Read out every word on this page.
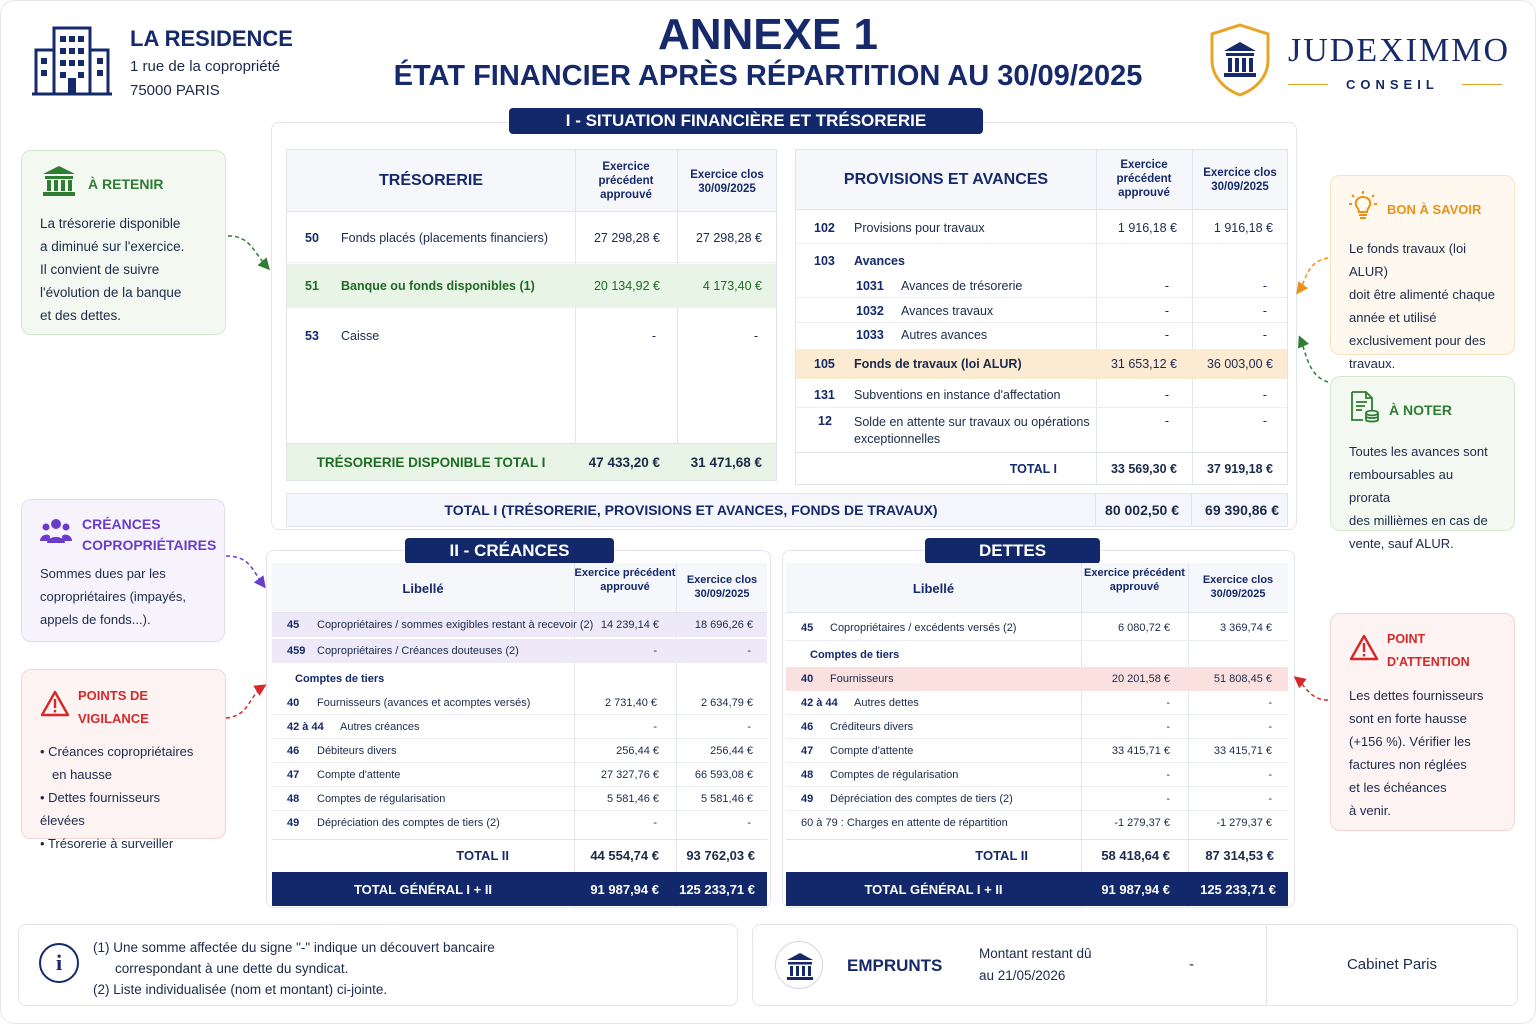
LA RESIDENCE
1 rue de la copropriété
75000 PARIS
ANNEXE 1
ÉTAT FINANCIER APRÈS RÉPARTITION AU 30/09/2025
JUDEXIMMO
CONSEIL
I - SITUATION FINANCIÈRE ET TRÉSORERIE
TRÉSORERIE
Exercice précédent approuvé
Exercice clos 30/09/2025
50 Fonds placés (placements financiers)	27 298,28 €	27 298,28 €
51 Banque ou fonds disponibles (1)	20 134,92 €	4 173,40 €
53 Caisse	-	-
TRÉSORERIE DISPONIBLE TOTAL I	47 433,20 € 31 471,68 €
PROVISIONS ET AVANCES
Exercice précédent approuvé
Exercice clos 30/09/2025
102 Provisions pour travaux	1 916,18 €	1 916,18 €
103 Avances
1031 Avances de trésorerie	-	-
1032 Avances travaux	-	-
1033 Autres avances	-	-
105 Fonds de travaux (loi ALUR)	31 653,12 € 36 003,00 €
131 Subventions en instance d'affectation	-	-
12 Solde en attente sur travaux ou opérations exceptionnelles
-	-
TOTAL I	33 569,30 € 37 919,18 €
TOTAL I (TRÉSORERIE, PROVISIONS ET AVANCES, FONDS DE TRAVAUX)	80 002,50 € 69 390,86 €
II - CRÉANCES
Libellé
Exercice précédent approuvé
Exercice clos 30/09/2025
45 Copropriétaires / sommes exigibles restant à recevoir (2) 14 239,14 €	18 696,26 €
459 Copropriétaires / Créances douteuses (2)	-	-
Comptes de tiers
40 Fournisseurs (avances et acomptes versés)	2 731,40 €	2 634,79 €
42 à 44 Autres créances	-	-
46 Débiteurs divers	256,44 €	256,44 €
47 Compte d'attente	27 327,76 €	66 593,08 €
48 Comptes de régularisation	5 581,46 €	5 581,46 €
49 Dépréciation des comptes de tiers (2)	-	-
TOTAL II	44 554,74 € 93 762,03 €
TOTAL GÉNÉRAL I + II	91 987,94 € 125 233,71 €
DETTES
Libellé
Exercice précédent approuvé
Exercice clos 30/09/2025
45 Copropriétaires / excédents versés (2)	6 080,72 €	3 369,74 €
Comptes de tiers
40 Fournisseurs	20 201,58 €	51 808,45 €
42 à 44 Autres dettes	-	-
46 Créditeurs divers	-	-
47 Compte d'attente	33 415,71 €	33 415,71 €
48 Comptes de régularisation	-	-
49 Dépréciation des comptes de tiers (2)	-	-
60 à 79 : Charges en attente de répartition	-1 279,37 €	-1 279,37 €
TOTAL II	58 418,64 €	87 314,53 €
TOTAL GÉNÉRAL I + II	91 987,94 € 125 233,71 €
À RETENIR
La trésorerie disponible
a diminué sur l'exercice.
Il convient de suivre
l'évolution de la banque
et des dettes.
CRÉANCES
COPROPRIÉTAIRES
Sommes dues par les
copropriétaires (impayés,
appels de fonds...).
POINTS DE VIGILANCE
• Créances copropriétaires
en hausse
• Dettes fournisseurs élevées
• Trésorerie à surveiller
BON À SAVOIR
Le fonds travaux (loi ALUR)
doit être alimenté chaque
année et utilisé
exclusivement pour des
travaux.
À NOTER
Toutes les avances sont
remboursables au prorata
des millièmes en cas de
vente, sauf ALUR.
POINT D'ATTENTION
Les dettes fournisseurs
sont en forte hausse
(+156 %). Vérifier les
factures non réglées
et les échéances
à venir.
i
(1) Une somme affectée du signe "-" indique un découvert bancaire
correspondant à une dette du syndicat.
(2) Liste individualisée (nom et montant) ci-jointe.
EMPRUNTS
Montant restant dû
au 21/05/2026
-	Cabinet Paris
